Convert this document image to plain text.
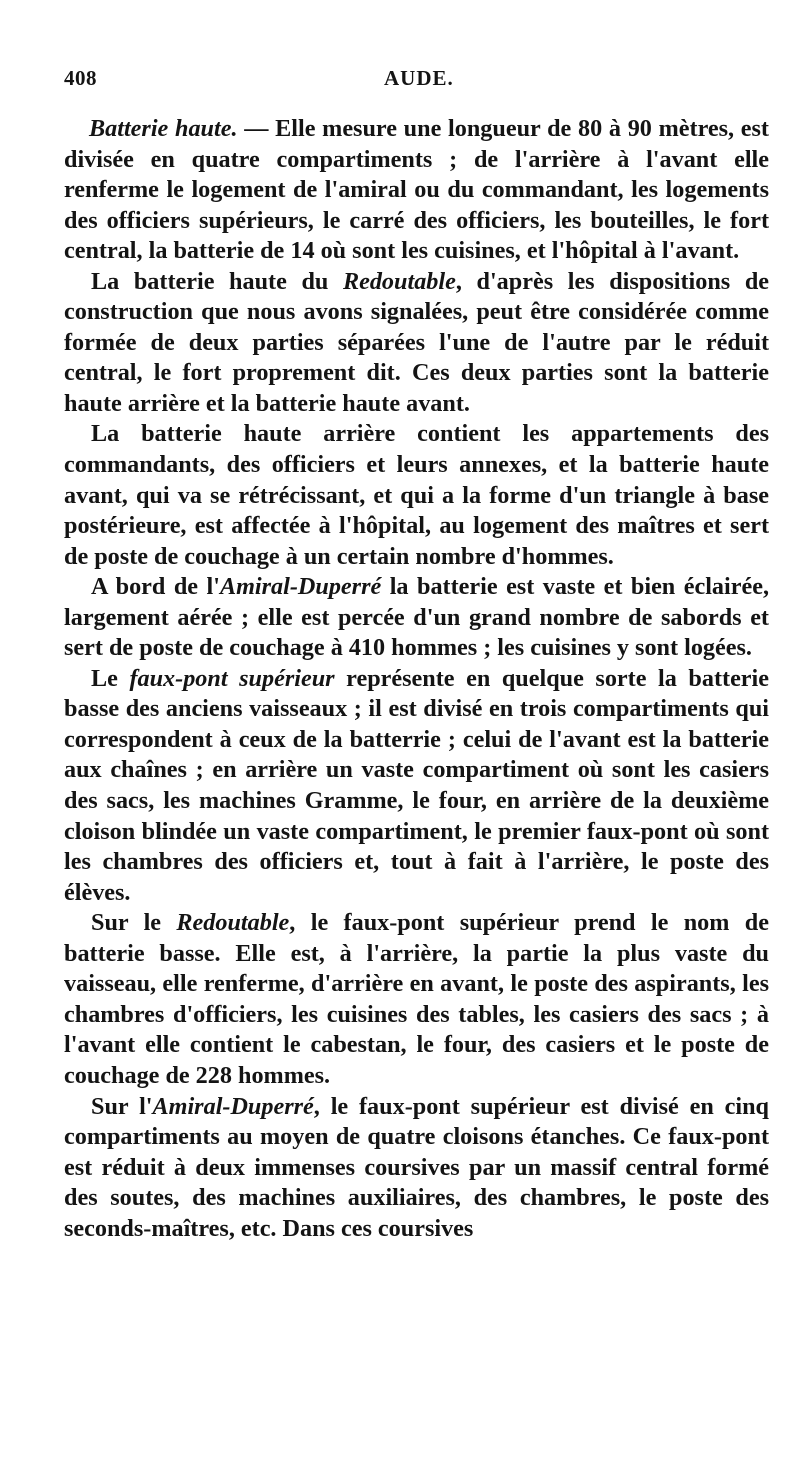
408	AUDE.

Batterie haute. — Elle mesure une longueur de 80 à 90 mètres, est divisée en quatre compartiments ; de l'arrière à l'avant elle renferme le logement de l'amiral ou du commandant, les logements des officiers supérieurs, le carré des officiers, les bouteilles, le fort central, la batterie de 14 où sont les cuisines, et l'hôpital à l'avant.

La batterie haute du Redoutable, d'après les dispositions de construction que nous avons signalées, peut être considérée comme formée de deux parties séparées l'une de l'autre par le réduit central, le fort proprement dit. Ces deux parties sont la batterie haute arrière et la batterie haute avant.

La batterie haute arrière contient les appartements des commandants, des officiers et leurs annexes, et la batterie haute avant, qui va se rétrécissant, et qui a la forme d'un triangle à base postérieure, est affectée à l'hôpital, au logement des maîtres et sert de poste de couchage à un certain nombre d'hommes.

A bord de l'Amiral-Duperré la batterie est vaste et bien éclairée, largement aérée ; elle est percée d'un grand nombre de sabords et sert de poste de couchage à 410 hommes ; les cuisines y sont logées.

Le faux-pont supérieur représente en quelque sorte la batterie basse des anciens vaisseaux ; il est divisé en trois compartiments qui correspondent à ceux de la batterrie ; celui de l'avant est la batterie aux chaînes ; en arrière un vaste compartiment où sont les casiers des sacs, les machines Gramme, le four, en arrière de la deuxième cloison blindée un vaste compartiment, le premier faux-pont où sont les chambres des officiers et, tout à fait à l'arrière, le poste des élèves.

Sur le Redoutable, le faux-pont supérieur prend le nom de batterie basse. Elle est, à l'arrière, la partie la plus vaste du vaisseau, elle renferme, d'arrière en avant, le poste des aspirants, les chambres d'officiers, les cuisines des tables, les casiers des sacs ; à l'avant elle contient le cabestan, le four, des casiers et le poste de couchage de 228 hommes.

Sur l'Amiral-Duperré, le faux-pont supérieur est divisé en cinq compartiments au moyen de quatre cloisons étanches. Ce faux-pont est réduit à deux immenses coursives par un massif central formé des soutes, des machines auxiliaires, des chambres, le poste des seconds-maîtres, etc. Dans ces coursives
